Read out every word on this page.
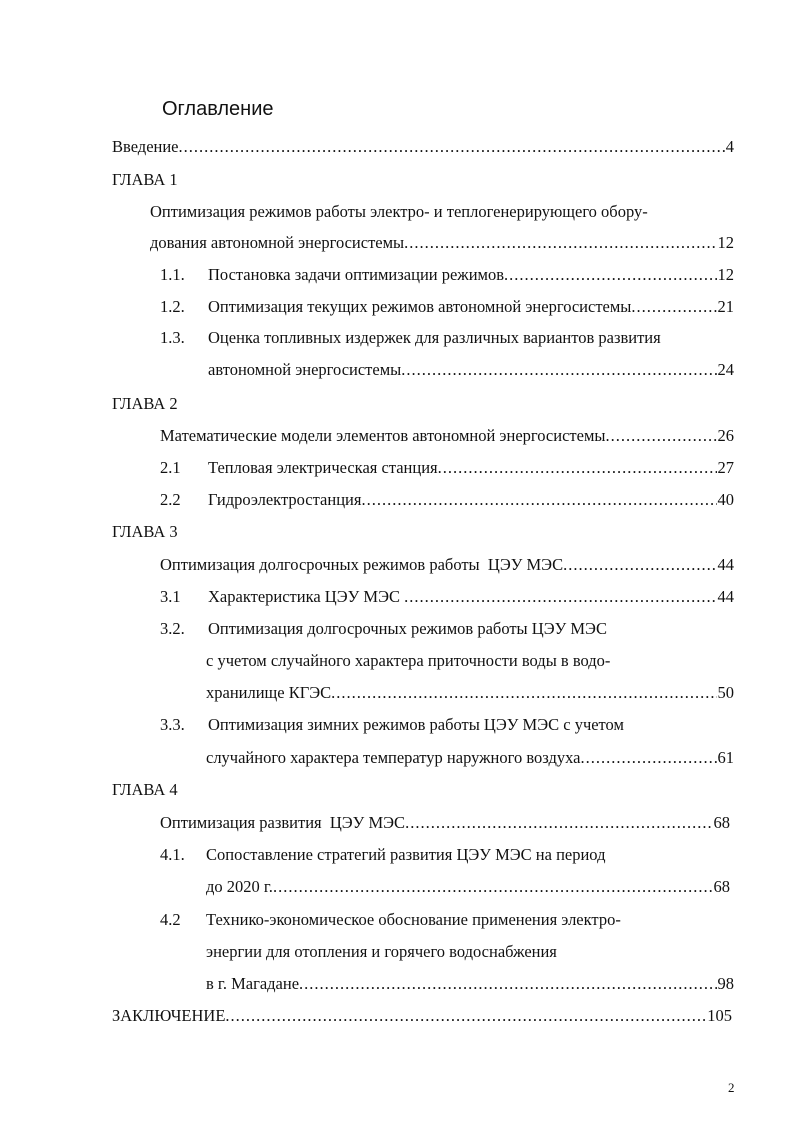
Оглавление
Введение .....	4
ГЛАВА 1
Оптимизация режимов работы электро- и теплогенерирующего обору-
дования автономной энергосистемы .....	12
1.1.	Постановка задачи оптимизации режимов .....	12
1.2.	Оптимизация текущих режимов автономной энергосистемы .....	21
1.3. Оценка топливных издержек для различных вариантов развития
автономной энергосистемы .....	24
ГЛАВА 2
Математические модели элементов автономной энергосистемы .....	26
2.1	Тепловая электрическая станция .....	27
2.2	Гидроэлектростанция .....	40
ГЛАВА 3
Оптимизация долгосрочных режимов работы  ЦЭУ МЭС .....	44
3.1	Характеристика ЦЭУ МЭС .....	44
3.2. Оптимизация долгосрочных режимов работы ЦЭУ МЭС
с учетом случайного характера приточности воды в водо-
хранилище КГЭС .....	50
3.3. Оптимизация зимних режимов работы ЦЭУ МЭС с учетом
случайного характера температур наружного воздуха .....	61
ГЛАВА 4
Оптимизация развития  ЦЭУ МЭС .....	68
4.1. Сопоставление стратегий развития ЦЭУ МЭС на период
до 2020 г. .....	68
4.2 Технико-экономическое обоснование применения электро-
энергии для отопления и горячего водоснабжения
в г. Магадане .....	98
ЗАКЛЮЧЕНИЕ .....	105
2
